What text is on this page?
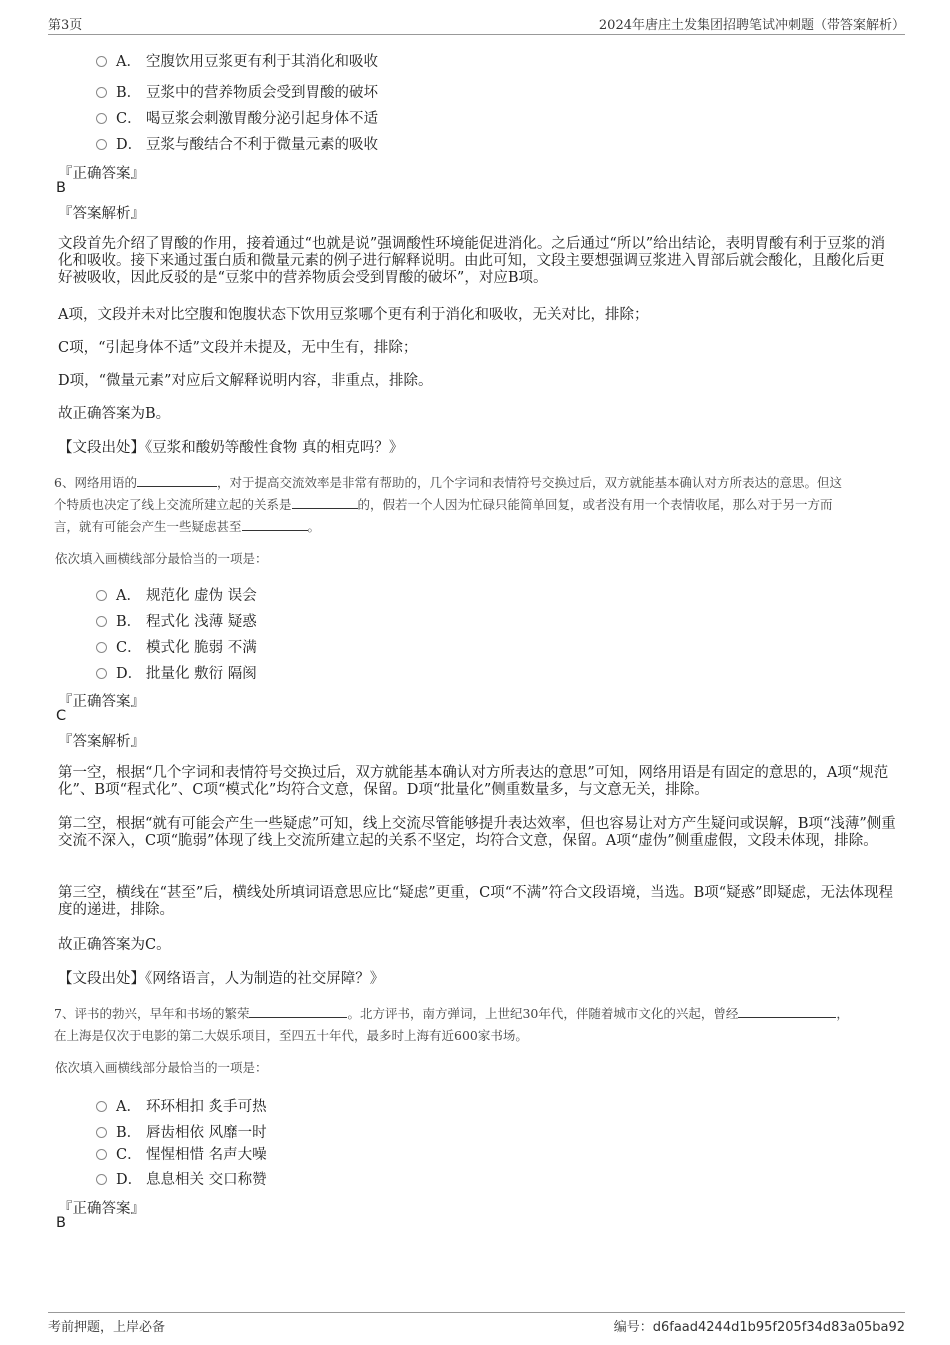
第3页	2024年唐庄土发集团招聘笔试冲刺题（带答案解析）
A． 空腹饮用豆浆更有利于其消化和吸收
B． 豆浆中的营养物质会受到胃酸的破坏
C． 喝豆浆会刺激胃酸分泌引起身体不适
D． 豆浆与酸结合不利于微量元素的吸收
『正确答案』
B
『答案解析』
文段首先介绍了胃酸的作用，接着通过“也就是说”强调酸性环境能促进消化。之后通过“所以”给出结论，表明胃酸有利于豆浆的消化和吸收。接下来通过蛋白质和微量元素的例子进行解释说明。由此可知，文段主要想强调豆浆进入胃部后就会酸化，且酸化后更好被吸收，因此反驳的是“豆浆中的营养物质会受到胃酸的破坏”，对应B项。
A项，文段并未对比空腹和饱腹状态下饮用豆浆哪个更有利于消化和吸收，无关对比，排除；
C项，“引起身体不适”文段并未提及，无中生有，排除；
D项，“微量元素”对应后文解释说明内容，非重点，排除。
故正确答案为B。
【文段出处】《豆浆和酸奶等酸性食物 真的相克吗？》
6、网络用语的	，对于提高交流效率是非常有帮助的，几个字词和表情符号交换过后，双方就能基本确认对方所表达的意思。但这
个特质也决定了线上交流所建立起的关系是	的，假若一个人因为忙碌只能简单回复，或者没有用一个表情收尾，那么对于另一方而
言，就有可能会产生一些疑虑甚至	。
依次填入画横线部分最恰当的一项是：
A． 规范化 虚伪 误会
B． 程式化 浅薄 疑惑
C． 模式化 脆弱 不满
D． 批量化 敷衍 隔阂
『正确答案』
C
『答案解析』
第一空，根据“几个字词和表情符号交换过后，双方就能基本确认对方所表达的意思”可知，网络用语是有固定的意思的，A项“规范化”、B项“程式化”、C项“模式化”均符合文意，保留。D项“批量化”侧重数量多，与文意无关，排除。
第二空，根据“就有可能会产生一些疑虑”可知，线上交流尽管能够提升表达效率，但也容易让对方产生疑问或误解，B项“浅薄”侧重交流不深入，C项“脆弱”体现了线上交流所建立起的关系不坚定，均符合文意，保留。A项“虚伪”侧重虚假，文段未体现，排除。
第三空，横线在“甚至”后，横线处所填词语意思应比“疑虑”更重，C项“不满”符合文段语境，当选。B项“疑惑”即疑虑，无法体现程度的递进，排除。
故正确答案为C。
【文段出处】《网络语言，人为制造的社交屏障？》
7、评书的勃兴，早年和书场的繁荣	。北方评书，南方弹词，上世纪30年代，伴随着城市文化的兴起，曾经	，
在上海是仅次于电影的第二大娱乐项目，至四五十年代，最多时上海有近600家书场。
依次填入画横线部分最恰当的一项是：
A． 环环相扣 炙手可热
B． 唇齿相依 风靡一时
C． 惺惺相惜 名声大噪
D． 息息相关 交口称赞
『正确答案』
B
考前押题，上岸必备	编号：d6faad4244d1b95f205f34d83a05ba92
